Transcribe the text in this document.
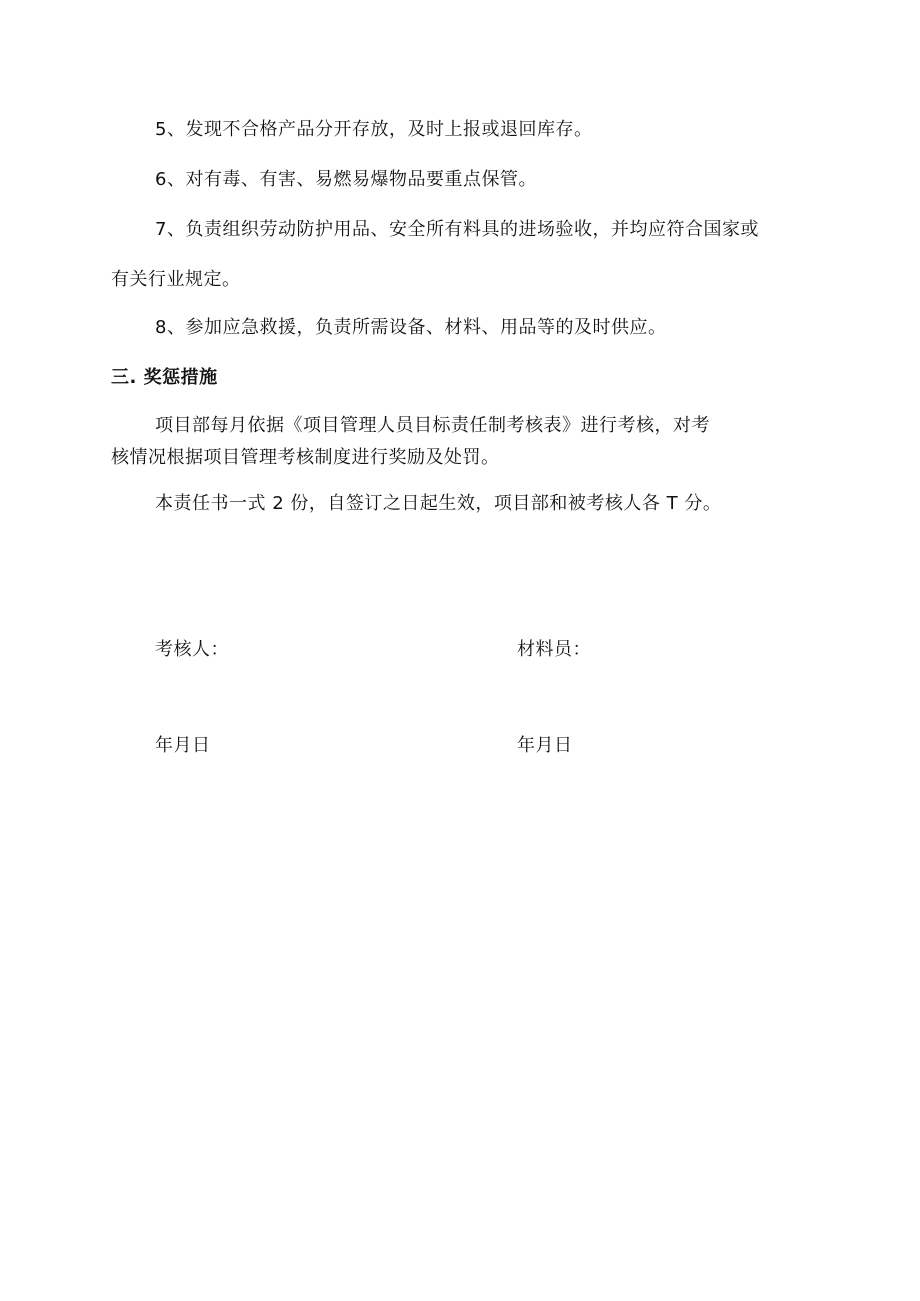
5、发现不合格产品分开存放，及时上报或退回库存。
6、对有毒、有害、易燃易爆物品要重点保管。
7、负责组织劳动防护用品、安全所有料具的进场验收，并均应符合国家或
有关行业规定。
8、参加应急救援，负责所需设备、材料、用品等的及时供应。
三. 奖惩措施
项目部每月依据《项目管理人员目标责任制考核表》进行考核，对考
核情况根据项目管理考核制度进行奖励及处罚。
本责任书一式 2 份，自签订之日起生效，项目部和被考核人各 T 分。
考核人：	材料员：
年月日	年月日
